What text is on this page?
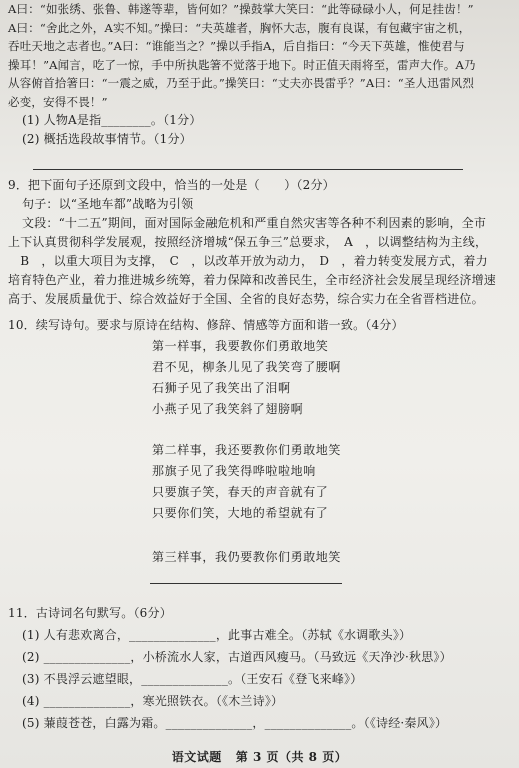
A曰：“如张绣、张鲁、韩遂等辈，皆何如？”操鼓掌大笑曰：“此等碌碌小人，何足挂齿！”
A曰：“舍此之外，A实不知。”操曰：“夫英雄者，胸怀大志，腹有良谋，有包藏宇宙之机，
吞吐天地之志者也。”A曰：“谁能当之？”操以手指A，后自指曰：“今天下英雄，惟使君与
操耳！”A闻言，吃了一惊，手中所执匙箸不觉落于地下。时正值天雨将至，雷声大作。A乃
从容俯首拾箸曰：“一震之威，乃至于此。”操笑曰：“丈夫亦畏雷乎？”A曰：“圣人迅雷风烈
必变，安得不畏！”
(1) 人物A是指________。（1分）
(2) 概括选段故事情节。（1分）
9．把下面句子还原到文段中，恰当的一处是（　　）（2分）
句子：以“圣地车都”战略为引领
文段：“十二五”期间，面对国际金融危机和严重自然灾害等各种不利因素的影响，全市
上下认真贯彻科学发展观，按照经济增城“保五争三”总要求，　A　，以调整结构为主线，
　B　，以重大项目为支撑，　C　，以改革开放为动力，　D　，着力转变发展方式，着力
培育特色产业，着力推进城乡统筹，着力保障和改善民生，全市经济社会发展呈现经济增速
高于、发展质量优于、综合效益好于全国、全省的良好态势，综合实力在全省晋档进位。
10．续写诗句。要求与原诗在结构、修辞、情感等方面和谐一致。（4分）
第一样事，我要教你们勇敢地笑
君不见，柳条儿见了我笑弯了腰啊
石狮子见了我笑出了泪啊
小燕子见了我笑斜了翅膀啊
第二样事，我还要教你们勇敢地笑
那旗子见了我笑得哗啦啦地响
只要旗子笑，春天的声音就有了
只要你们笑，大地的希望就有了
第三样事，我仍要教你们勇敢地笑
11．古诗词名句默写。（6分）
(1) 人有悲欢离合，______________，此事古难全。（苏轼《水调歌头》）
(2) ______________，小桥流水人家，古道西风瘦马。（马致远《天净沙·秋思》）
(3) 不畏浮云遮望眼，______________。（王安石《登飞来峰》）
(4) ______________，寒光照铁衣。（《木兰诗》）
(5) 蒹葭苍苍，白露为霜。______________，______________。（《诗经·秦风》）
语文试题 第 3 页（共 8 页）
